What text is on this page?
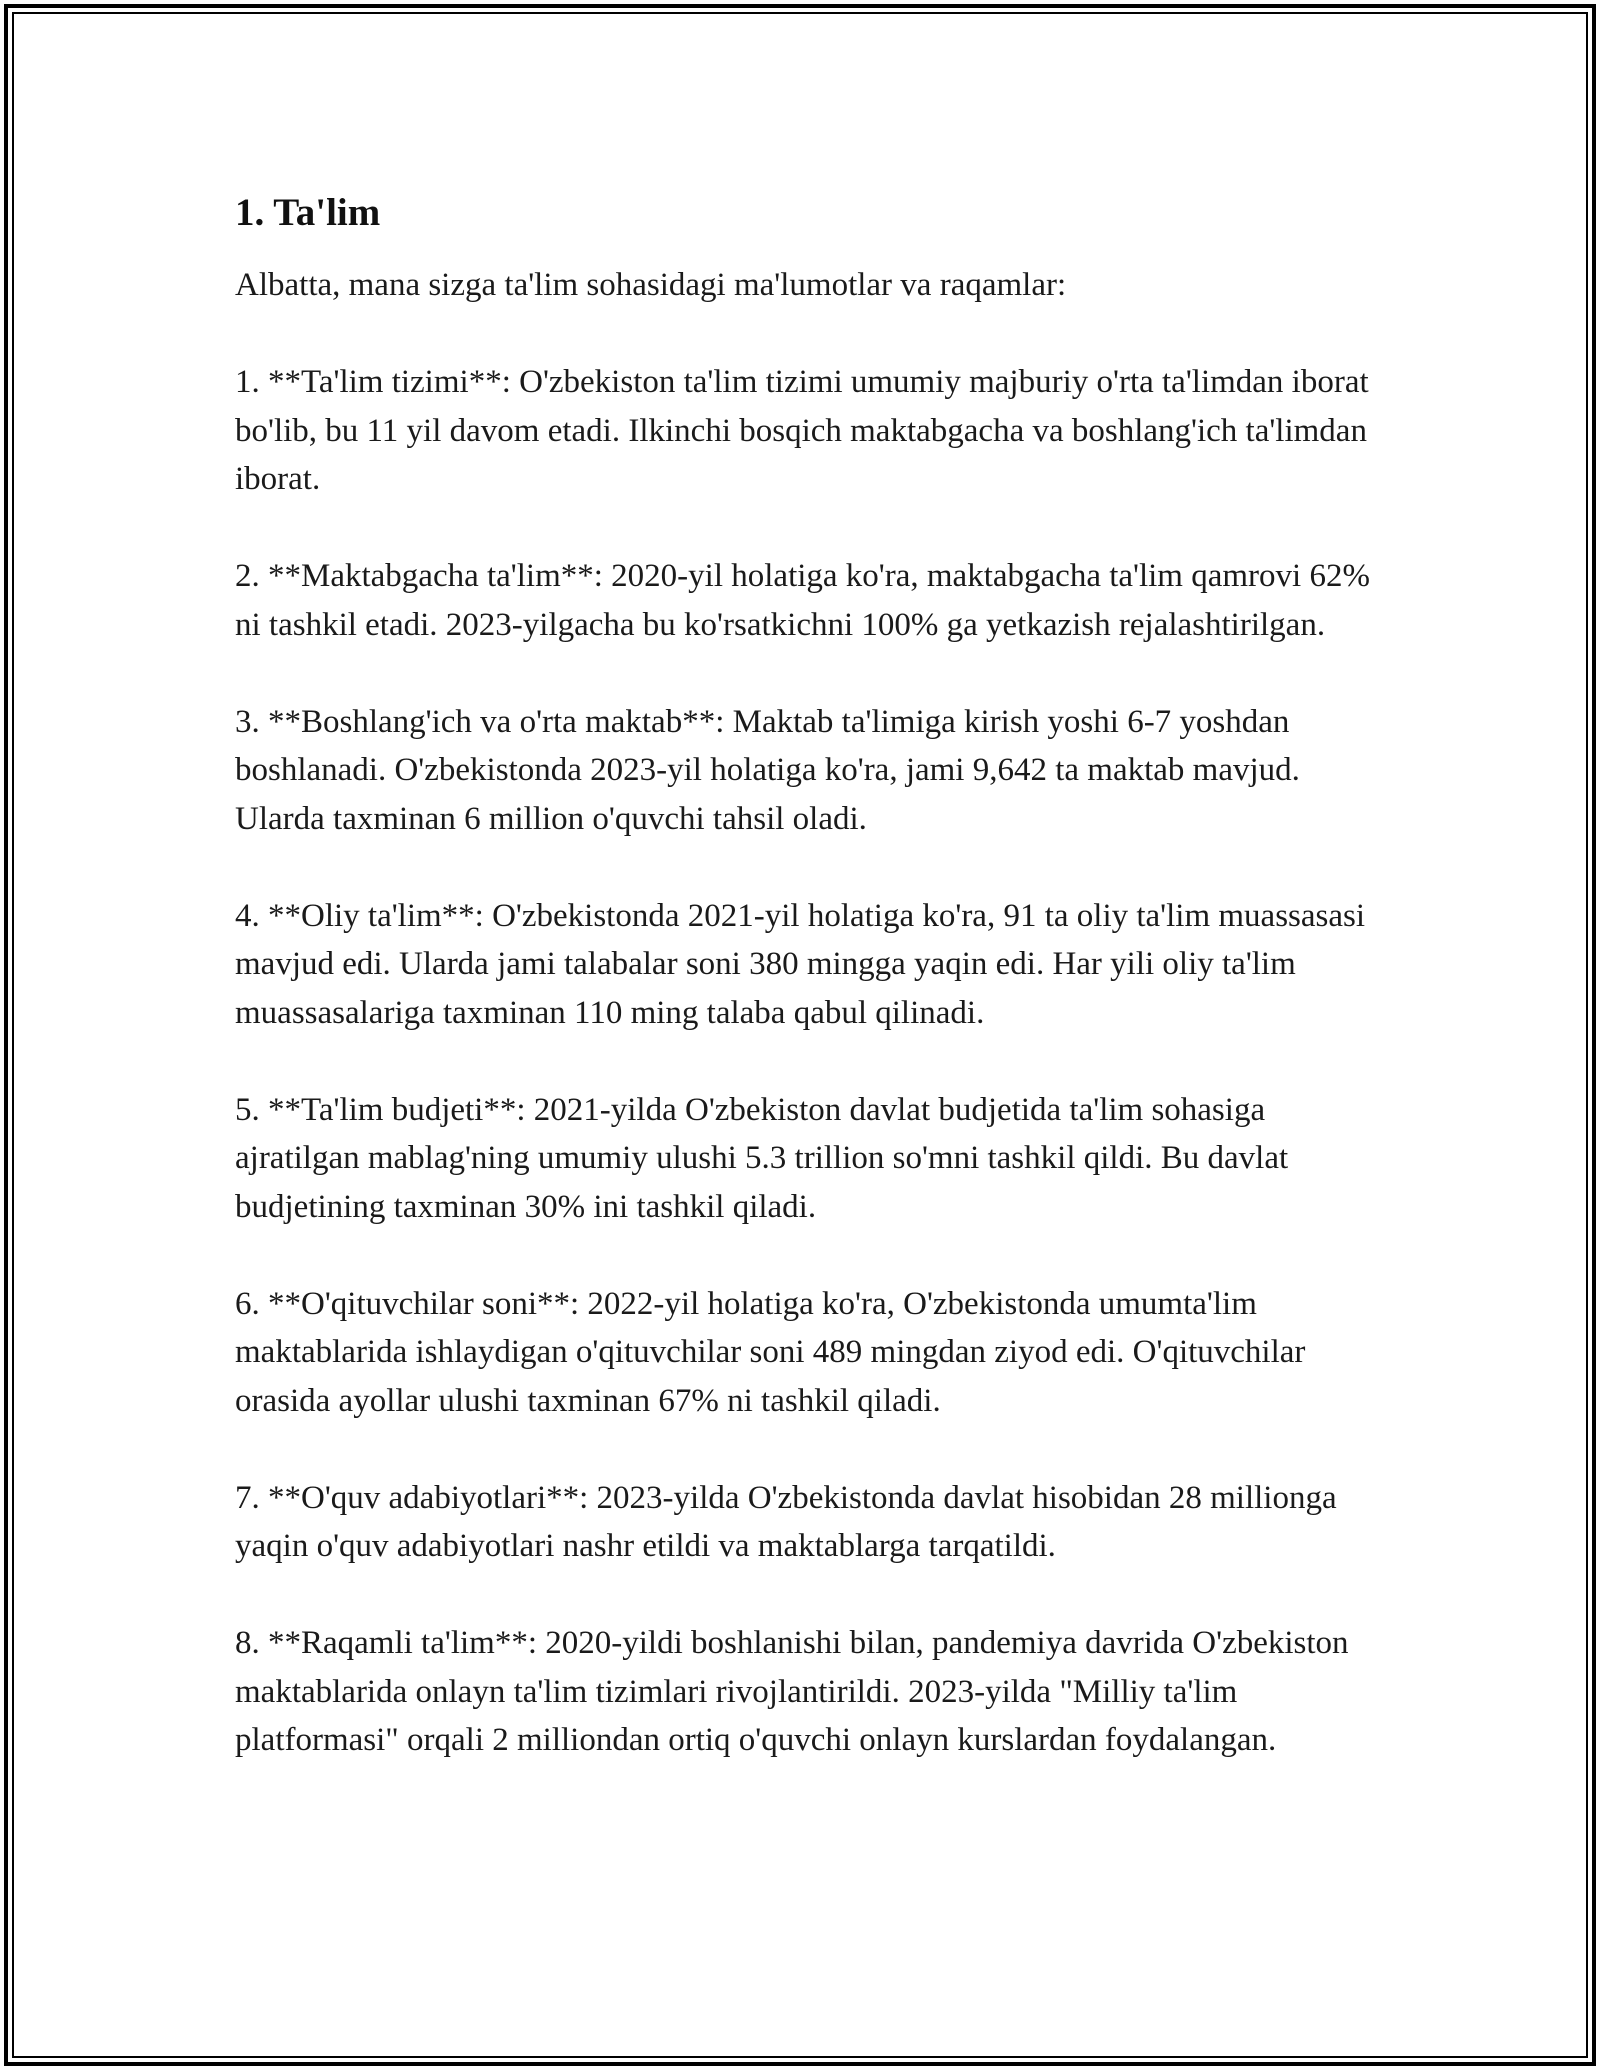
1. Ta'lim

Albatta, mana sizga ta'lim sohasidagi ma'lumotlar va raqamlar:

1. **Ta'lim tizimi**: O'zbekiston ta'lim tizimi umumiy majburiy o'rta ta'limdan iborat bo'lib, bu 11 yil davom etadi. Ilkinchi bosqich maktabgacha va boshlang'ich ta'limdan iborat.

2. **Maktabgacha ta'lim**: 2020-yil holatiga ko'ra, maktabgacha ta'lim qamrovi 62% ni tashkil etadi. 2023-yilgacha bu ko'rsatkichni 100% ga yetkazish rejalashtirilgan.

3. **Boshlang'ich va o'rta maktab**: Maktab ta'limiga kirish yoshi 6-7 yoshdan boshlanadi. O'zbekistonda 2023-yil holatiga ko'ra, jami 9,642 ta maktab mavjud. Ularda taxminan 6 million o'quvchi tahsil oladi.

4. **Oliy ta'lim**: O'zbekistonda 2021-yil holatiga ko'ra, 91 ta oliy ta'lim muassasasi mavjud edi. Ularda jami talabalar soni 380 mingga yaqin edi. Har yili oliy ta'lim muassasalariga taxminan 110 ming talaba qabul qilinadi.

5. **Ta'lim budjeti**: 2021-yilda O'zbekiston davlat budjetida ta'lim sohasiga ajratilgan mablag'ning umumiy ulushi 5.3 trillion so'mni tashkil qildi. Bu davlat budjetining taxminan 30% ini tashkil qiladi.

6. **O'qituvchilar soni**: 2022-yil holatiga ko'ra, O'zbekistonda umumta'lim maktablarida ishlaydigan o'qituvchilar soni 489 mingdan ziyod edi. O'qituvchilar orasida ayollar ulushi taxminan 67% ni tashkil qiladi.

7. **O'quv adabiyotlari**: 2023-yilda O'zbekistonda davlat hisobidan 28 millionga yaqin o'quv adabiyotlari nashr etildi va maktablarga tarqatildi.

8. **Raqamli ta'lim**: 2020-yildi boshlanishi bilan, pandemiya davrida O'zbekiston maktablarida onlayn ta'lim tizimlari rivojlantirildi. 2023-yilda "Milliy ta'lim platformasi" orqali 2 milliondan ortiq o'quvchi onlayn kurslardan foydalangan.
